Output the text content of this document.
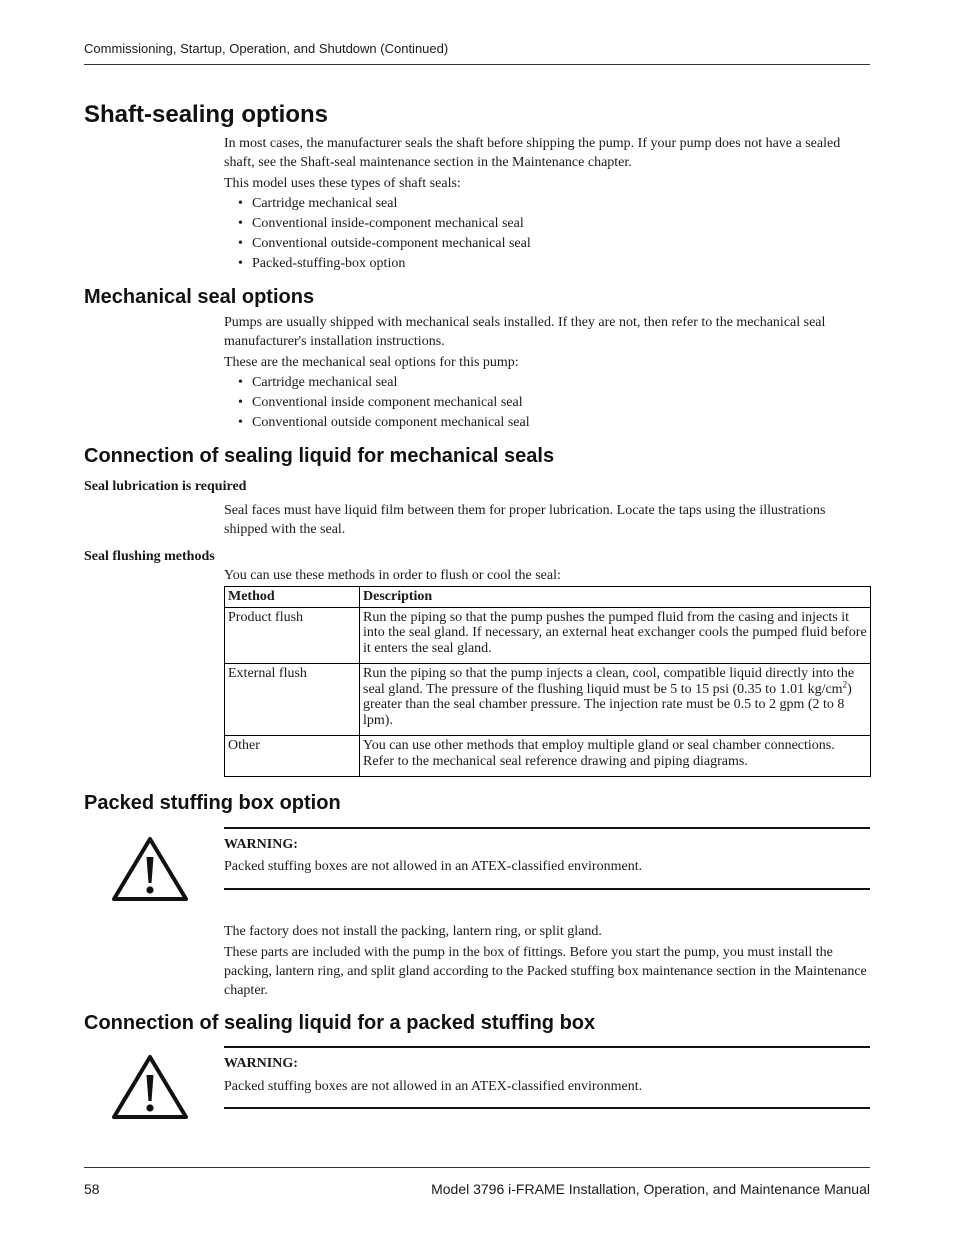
Commissioning, Startup, Operation, and Shutdown (Continued)
Shaft-sealing options
In most cases, the manufacturer seals the shaft before shipping the pump. If your pump does not have a sealed shaft, see the Shaft-seal maintenance section in the Maintenance chapter.
This model uses these types of shaft seals:
• Cartridge mechanical seal
• Conventional inside-component mechanical seal
• Conventional outside-component mechanical seal
• Packed-stuffing-box option
Mechanical seal options
Pumps are usually shipped with mechanical seals installed. If they are not, then refer to the mechanical seal manufacturer's installation instructions.
These are the mechanical seal options for this pump:
• Cartridge mechanical seal
• Conventional inside component mechanical seal
• Conventional outside component mechanical seal
Connection of sealing liquid for mechanical seals
Seal lubrication is required
Seal faces must have liquid film between them for proper lubrication. Locate the taps using the illustrations shipped with the seal.
Seal flushing methods
You can use these methods in order to flush or cool the seal:
Method	Description
Product flush	Run the piping so that the pump pushes the pumped fluid from the casing and injects it into the seal gland. If necessary, an external heat exchanger cools the pumped fluid before it enters the seal gland.
External flush	Run the piping so that the pump injects a clean, cool, compatible liquid directly into the seal gland. The pressure of the flushing liquid must be 5 to 15 psi (0.35 to 1.01 $kg/cm^2$) greater than the seal chamber pressure. The injection rate must be 0.5 to 2 gpm (2 to 8 lpm).
Other	You can use other methods that employ multiple gland or seal chamber connections. Refer to the mechanical seal reference drawing and piping diagrams.
Packed stuffing box option
WARNING:
Packed stuffing boxes are not allowed in an ATEX-classified environment.
The factory does not install the packing, lantern ring, or split gland.
These parts are included with the pump in the box of fittings. Before you start the pump, you must install the packing, lantern ring, and split gland according to the Packed stuffing box maintenance section in the Maintenance chapter.
Connection of sealing liquid for a packed stuffing box
WARNING:
Packed stuffing boxes are not allowed in an ATEX-classified environment.
58	Model 3796 i-FRAME Installation, Operation, and Maintenance Manual
